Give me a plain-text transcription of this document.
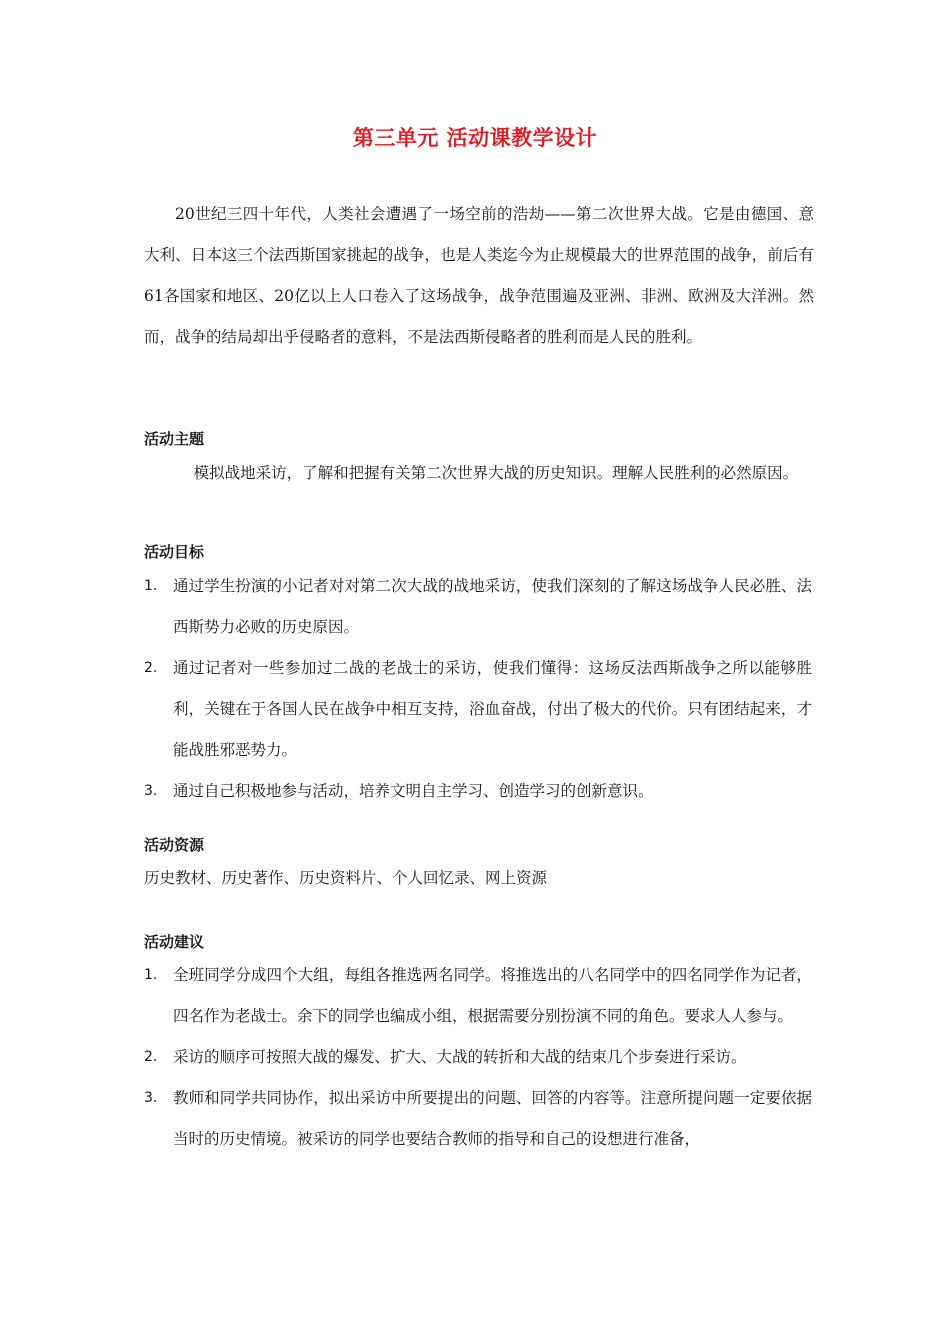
第三单元 活动课教学设计

20世纪三四十年代，人类社会遭遇了一场空前的浩劫——第二次世界大战。它是由德国、意大利、日本这三个法西斯国家挑起的战争，也是人类迄今为止规模最大的世界范围的战争，前后有61各国家和地区、20亿以上人口卷入了这场战争，战争范围遍及亚洲、非洲、欧洲及大洋洲。然而，战争的结局却出乎侵略者的意料，不是法西斯侵略者的胜利而是人民的胜利。

活动主题

模拟战地采访，了解和把握有关第二次世界大战的历史知识。理解人民胜利的必然原因。

活动目标
1. 通过学生扮演的小记者对对第二次大战的战地采访，使我们深刻的了解这场战争人民必胜、法西斯势力必败的历史原因。
2. 通过记者对一些参加过二战的老战士的采访，使我们懂得：这场反法西斯战争之所以能够胜利，关键在于各国人民在战争中相互支持，浴血奋战，付出了极大的代价。只有团结起来，才能战胜邪恶势力。
3. 通过自己积极地参与活动，培养文明自主学习、创造学习的创新意识。
活动资源

历史教材、历史著作、历史资料片、个人回忆录、网上资源

活动建议
1. 全班同学分成四个大组，每组各推选两名同学。将推选出的八名同学中的四名同学作为记者，四名作为老战士。余下的同学也编成小组，根据需要分别扮演不同的角色。要求人人参与。
2. 采访的顺序可按照大战的爆发、扩大、大战的转折和大战的结束几个步奏进行采访。
3. 教师和同学共同协作，拟出采访中所要提出的问题、回答的内容等。注意所提问题一定要依据当时的历史情境。被采访的同学也要结合教师的指导和自己的设想进行准备，
